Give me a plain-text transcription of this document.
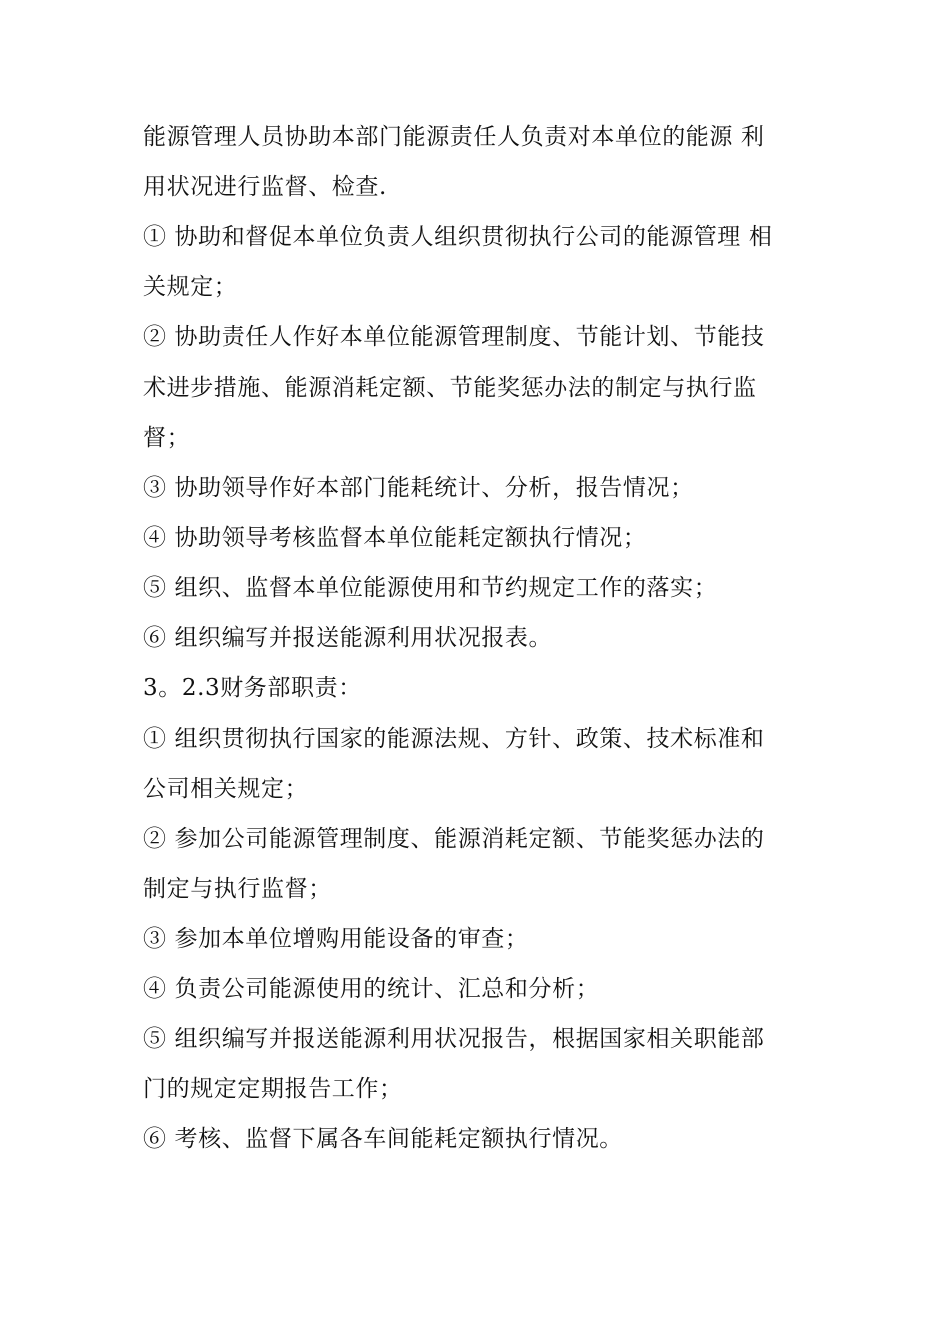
能源管理人员协助本部门能源责任人负责对本单位的能源 利
用状况进行监督、检查.
① 协助和督促本单位负责人组织贯彻执行公司的能源管理 相
关规定；
② 协助责任人作好本单位能源管理制度、节能计划、节能技
术进步措施、能源消耗定额、节能奖惩办法的制定与执行监
督；
③ 协助领导作好本部门能耗统计、分析，报告情况；
④ 协助领导考核监督本单位能耗定额执行情况；
⑤ 组织、监督本单位能源使用和节约规定工作的落实；
⑥ 组织编写并报送能源利用状况报表。
3。2.3财务部职责：
① 组织贯彻执行国家的能源法规、方针、政策、技术标准和
公司相关规定；
② 参加公司能源管理制度、能源消耗定额、节能奖惩办法的
制定与执行监督；
③ 参加本单位增购用能设备的审查；
④ 负责公司能源使用的统计、汇总和分析；
⑤ 组织编写并报送能源利用状况报告，根据国家相关职能部
门的规定定期报告工作；
⑥ 考核、监督下属各车间能耗定额执行情况。
